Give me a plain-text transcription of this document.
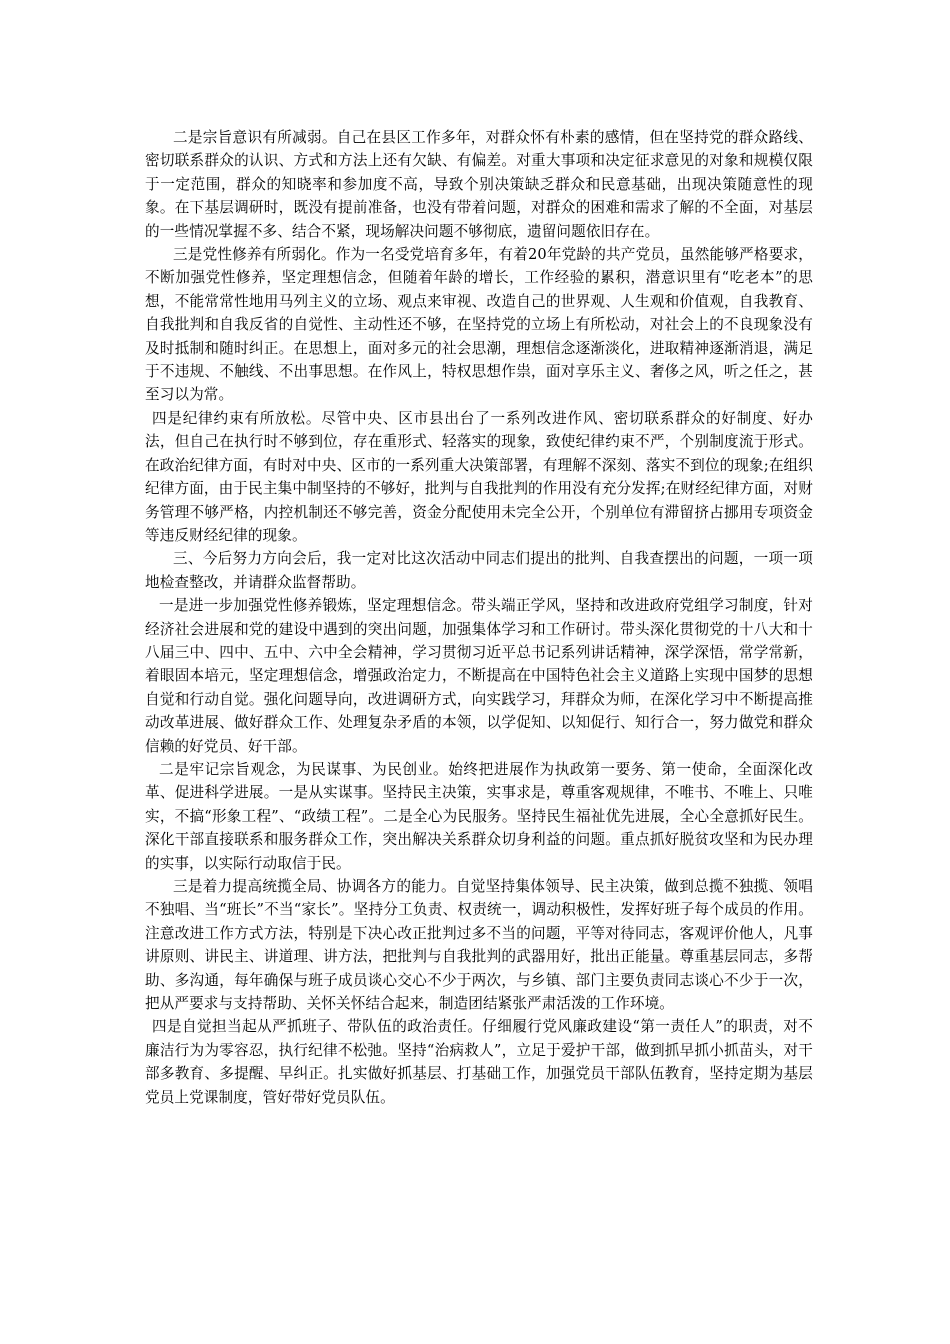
二是宗旨意识有所减弱。自己在县区工作多年，对群众怀有朴素的感情，但在坚持党的群众路线、密切联系群众的认识、方式和方法上还有欠缺、有偏差。对重大事项和决定征求意见的对象和规模仅限于一定范围，群众的知晓率和参加度不高，导致个别决策缺乏群众和民意基础，出现决策随意性的现象。在下基层调研时，既没有提前准备，也没有带着问题，对群众的困难和需求了解的不全面，对基层的一些情况掌握不多、结合不紧，现场解决问题不够彻底，遗留问题依旧存在。

三是党性修养有所弱化。作为一名受党培育多年，有着20年党龄的共产党员，虽然能够严格要求，不断加强党性修养，坚定理想信念，但随着年龄的增长，工作经验的累积，潜意识里有“吃老本”的思想，不能常常性地用马列主义的立场、观点来审视、改造自己的世界观、人生观和价值观，自我教育、自我批判和自我反省的自觉性、主动性还不够，在坚持党的立场上有所松动，对社会上的不良现象没有及时抵制和随时纠正。在思想上，面对多元的社会思潮，理想信念逐渐淡化，进取精神逐渐消退，满足于不违规、不触线、不出事思想。在作风上，特权思想作祟，面对享乐主义、奢侈之风，听之任之，甚至习以为常。

四是纪律约束有所放松。尽管中央、区市县出台了一系列改进作风、密切联系群众的好制度、好办法，但自己在执行时不够到位，存在重形式、轻落实的现象，致使纪律约束不严，个别制度流于形式。在政治纪律方面，有时对中央、区市的一系列重大决策部署，有理解不深刻、落实不到位的现象;在组织纪律方面，由于民主集中制坚持的不够好，批判与自我批判的作用没有充分发挥;在财经纪律方面，对财务管理不够严格，内控机制还不够完善，资金分配使用未完全公开，个别单位有滞留挤占挪用专项资金等违反财经纪律的现象。

三、今后努力方向会后，我一定对比这次活动中同志们提出的批判、自我查摆出的问题，一项一项地检查整改，并请群众监督帮助。

一是进一步加强党性修养锻炼，坚定理想信念。带头端正学风，坚持和改进政府党组学习制度，针对经济社会进展和党的建设中遇到的突出问题，加强集体学习和工作研讨。带头深化贯彻党的十八大和十八届三中、四中、五中、六中全会精神，学习贯彻习近平总书记系列讲话精神，深学深悟，常学常新，着眼固本培元，坚定理想信念，增强政治定力，不断提高在中国特色社会主义道路上实现中国梦的思想自觉和行动自觉。强化问题导向，改进调研方式，向实践学习，拜群众为师，在深化学习中不断提高推动改革进展、做好群众工作、处理复杂矛盾的本领，以学促知、以知促行、知行合一，努力做党和群众信赖的好党员、好干部。

二是牢记宗旨观念，为民谋事、为民创业。始终把进展作为执政第一要务、第一使命，全面深化改革、促进科学进展。一是从实谋事。坚持民主决策，实事求是，尊重客观规律，不唯书、不唯上、只唯实，不搞“形象工程”、“政绩工程”。二是全心为民服务。坚持民生福祉优先进展，全心全意抓好民生。深化干部直接联系和服务群众工作，突出解决关系群众切身利益的问题。重点抓好脱贫攻坚和为民办理的实事，以实际行动取信于民。

三是着力提高统揽全局、协调各方的能力。自觉坚持集体领导、民主决策，做到总揽不独揽、领唱不独唱、当“班长”不当“家长”。坚持分工负责、权责统一，调动积极性，发挥好班子每个成员的作用。注意改进工作方式方法，特别是下决心改正批判过多不当的问题，平等对待同志，客观评价他人，凡事讲原则、讲民主、讲道理、讲方法，把批判与自我批判的武器用好，批出正能量。尊重基层同志，多帮助、多沟通，每年确保与班子成员谈心交心不少于两次，与乡镇、部门主要负责同志谈心不少于一次，把从严要求与支持帮助、关怀关怀结合起来，制造团结紧张严肃活泼的工作环境。

四是自觉担当起从严抓班子、带队伍的政治责任。仔细履行党风廉政建设“第一责任人”的职责，对不廉洁行为为零容忍，执行纪律不松弛。坚持“治病救人”，立足于爱护干部，做到抓早抓小抓苗头，对干部多教育、多提醒、早纠正。扎实做好抓基层、打基础工作，加强党员干部队伍教育，坚持定期为基层党员上党课制度，管好带好党员队伍。
